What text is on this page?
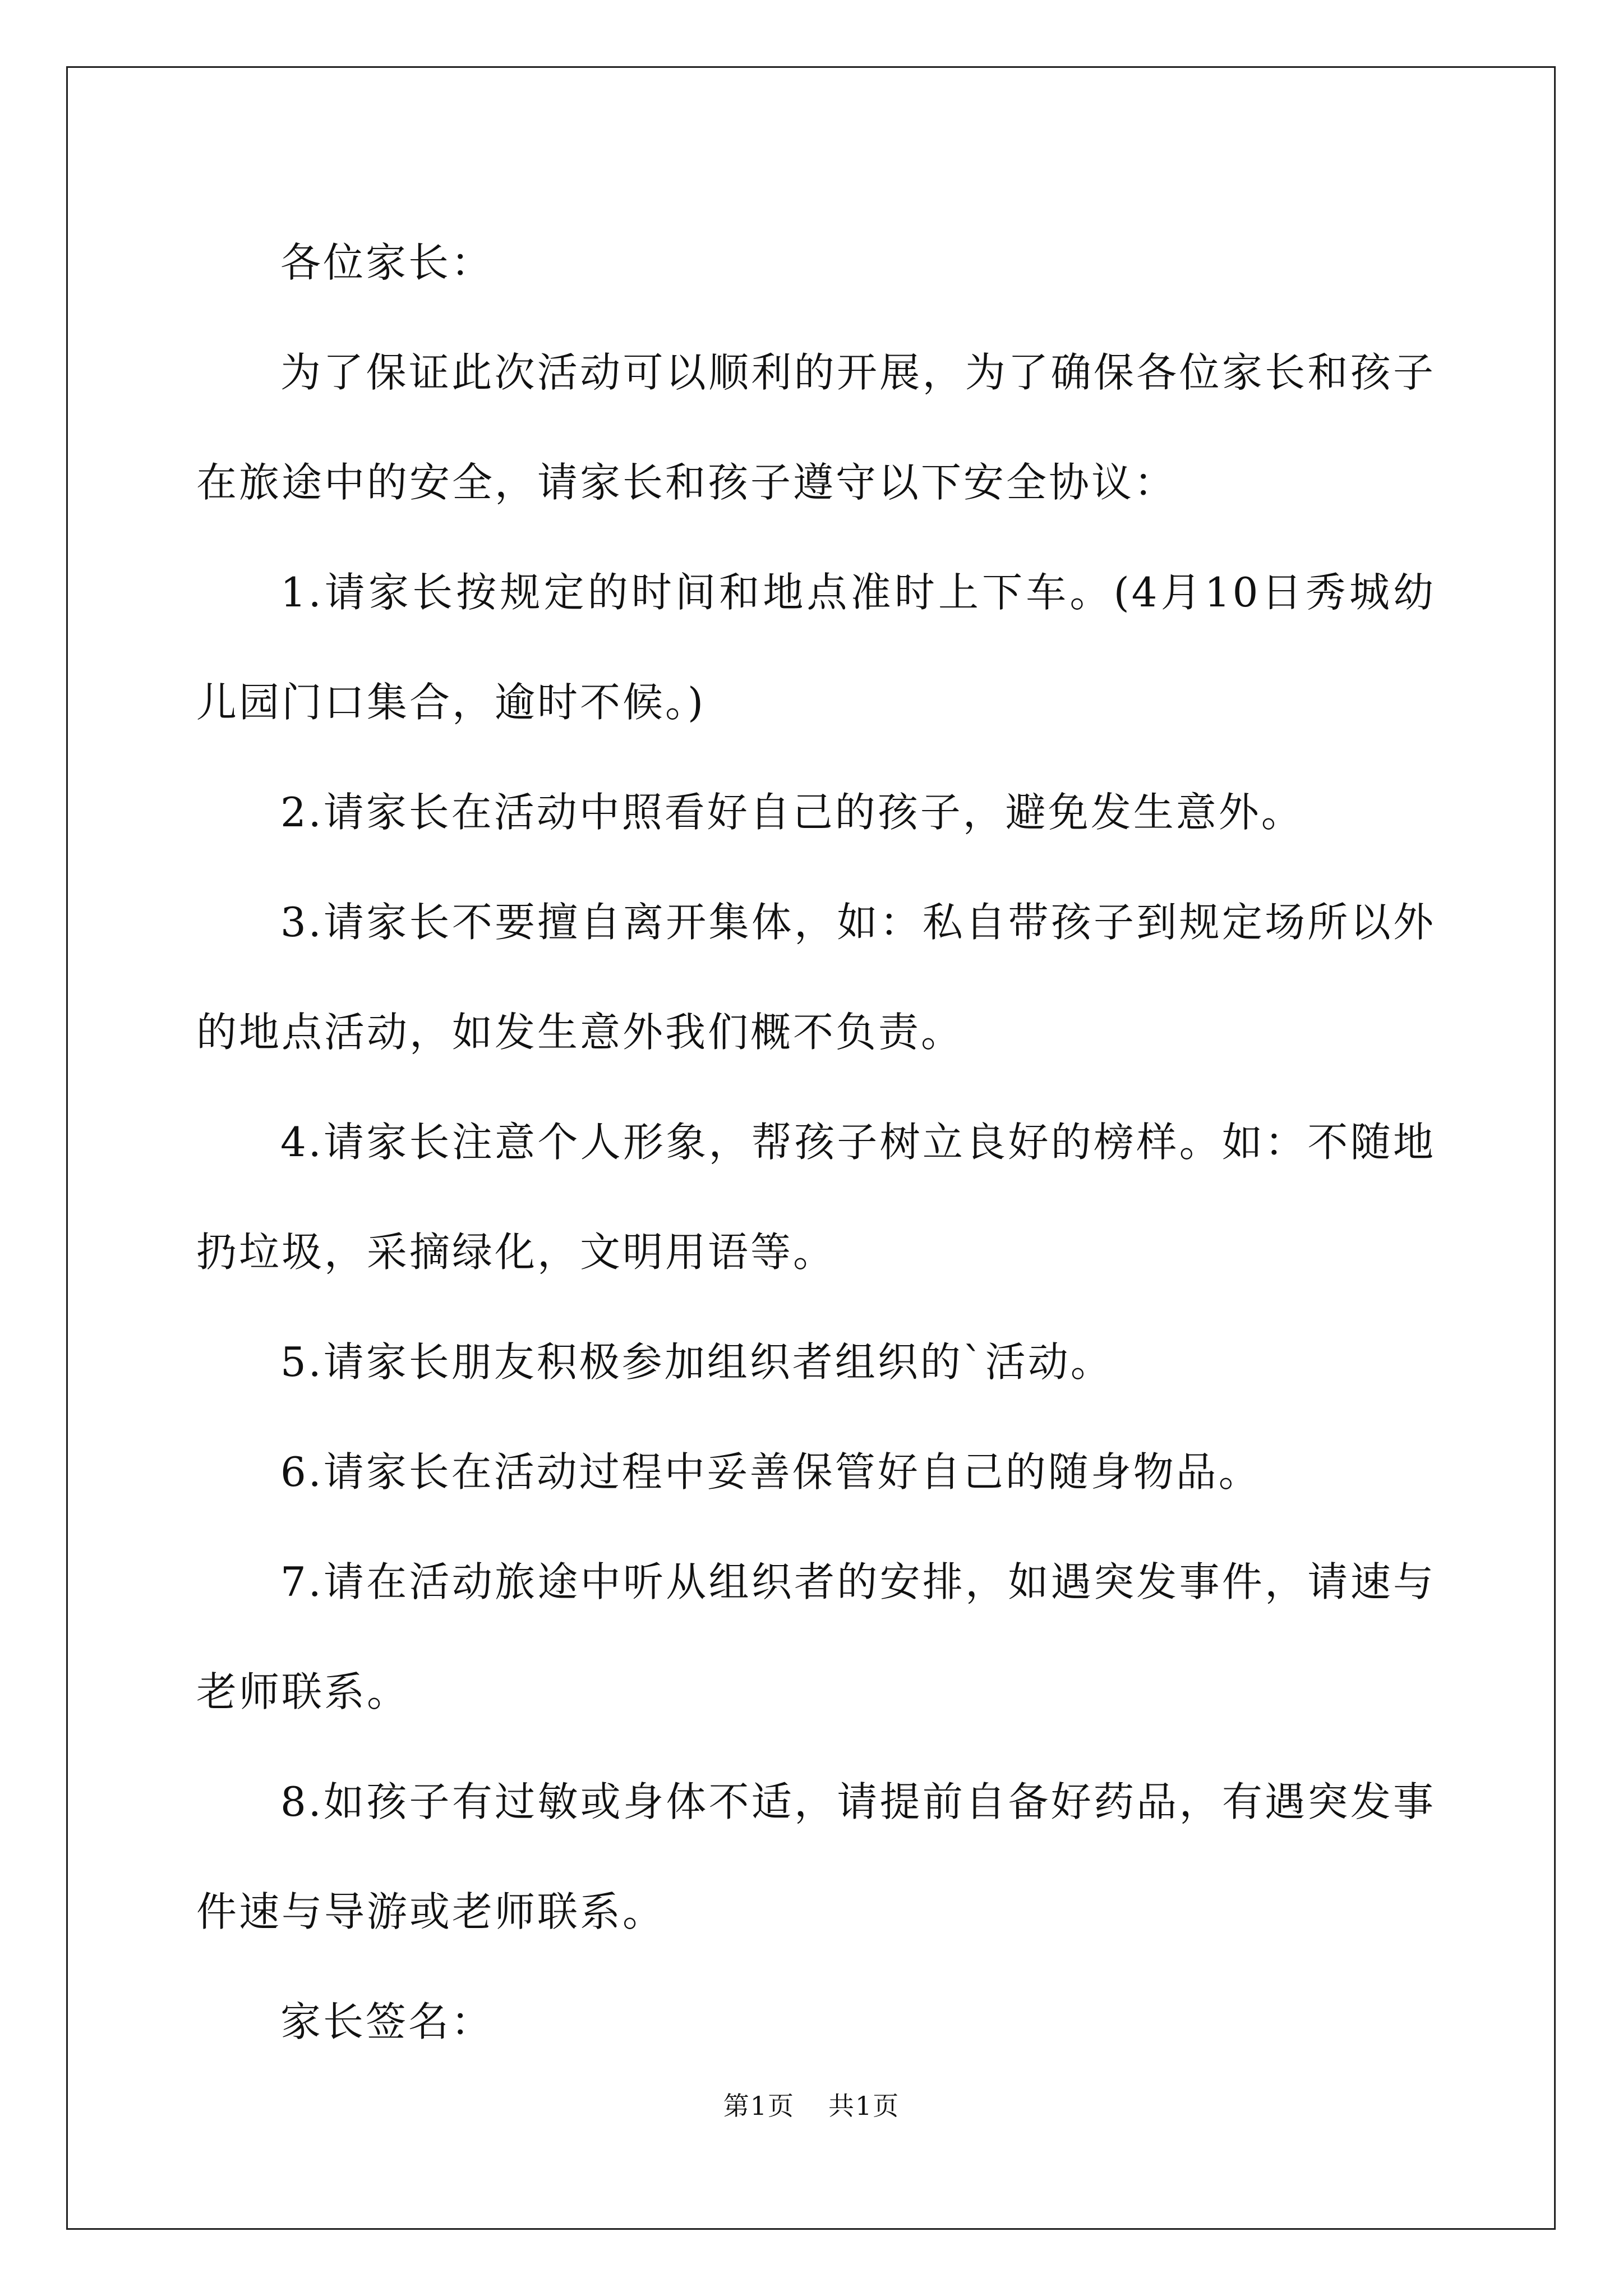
各位家长：

为了保证此次活动可以顺利的开展，为了确保各位家长和孩子在旅途中的安全，请家长和孩子遵守以下安全协议：

1.请家长按规定的时间和地点准时上下车。(4月10日秀城幼儿园门口集合，逾时不候。)

2.请家长在活动中照看好自己的孩子，避免发生意外。

3.请家长不要擅自离开集体，如：私自带孩子到规定场所以外的地点活动，如发生意外我们概不负责。

4.请家长注意个人形象，帮孩子树立良好的榜样。如：不随地扔垃圾，采摘绿化，文明用语等。

5.请家长朋友积极参加组织者组织的`活动。

6.请家长在活动过程中妥善保管好自己的随身物品。

7.请在活动旅途中听从组织者的安排，如遇突发事件，请速与老师联系。

8.如孩子有过敏或身体不适，请提前自备好药品，有遇突发事件速与导游或老师联系。

家长签名：

第1页 共1页
